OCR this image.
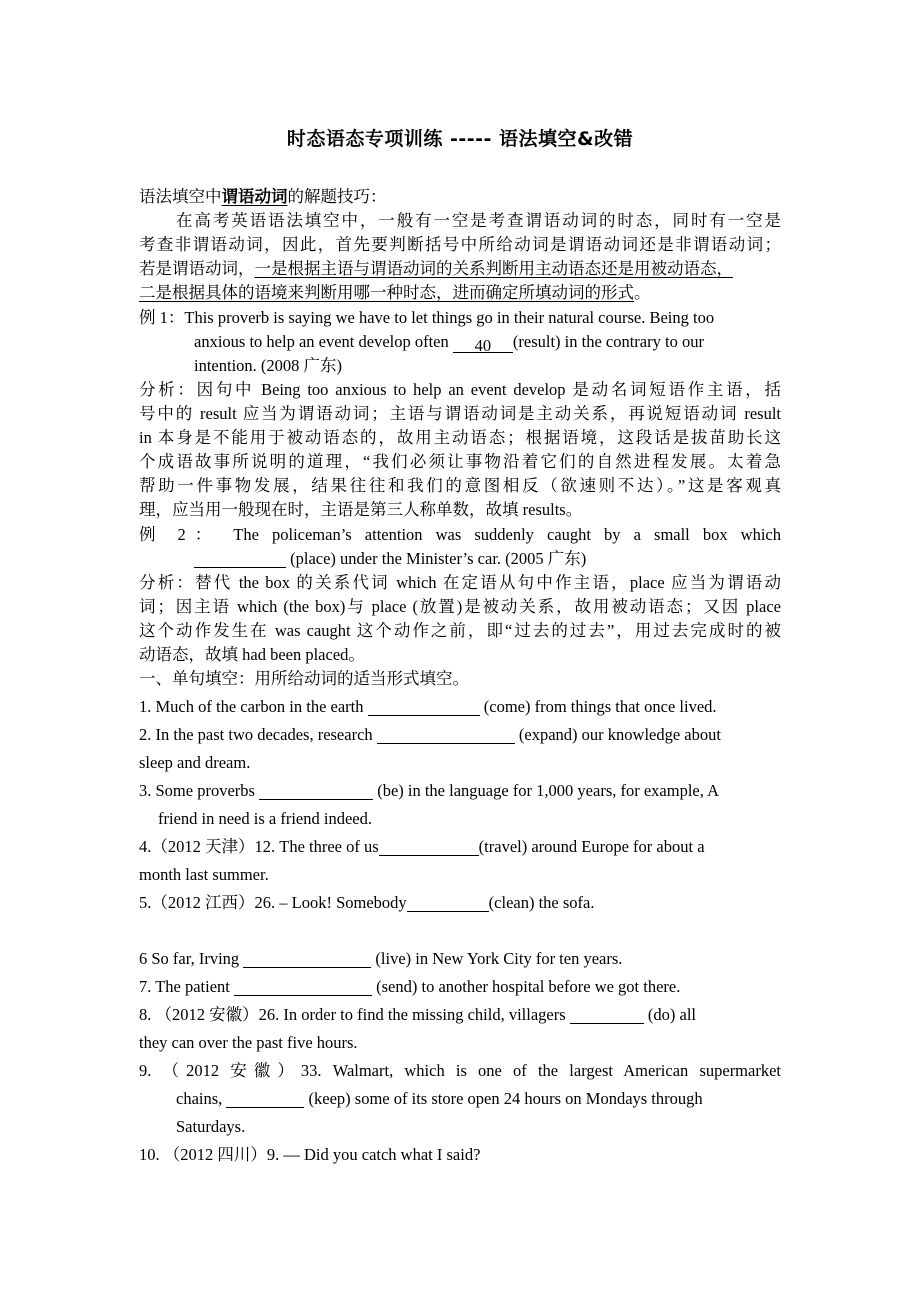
时态语态专项训练 ----- 语法填空&改错
语法填空中谓语动词的解题技巧：
在高考英语语法填空中，一般有一空是考查谓语动词的时态，同时有一空是
考查非谓语动词，因此，首先要判断括号中所给动词是谓语动词还是非谓语动词；
若是谓语动词，一是根据主语与谓语动词的关系判断用主动语态还是用被动语态，
二是根据具体的语境来判断用哪一种时态，进而确定所填动词的形式。
例 1：This proverb is saying we have to let things go in their natural course. Being too
anxious to help an event develop often 40 (result) in the contrary to our
intention. (2008 广东)
分析：因句中 Being too anxious to help an event develop 是动名词短语作主语，括
号中的 result 应当为谓语动词；主语与谓语动词是主动关系，再说短语动词 result
in 本身是不能用于被动语态的，故用主动语态；根据语境，这段话是拔苗助长这
个成语故事所说明的道理，“我们必须让事物沿着它们的自然进程发展。太着急
帮助一件事物发展，结果往往和我们的意图相反（欲速则不达）。”这是客观真
理，应当用一般现在时，主语是第三人称单数，故填 results。
例 2： The policeman’s attention was suddenly caught by a small box which
(place) under the Minister’s car. (2005 广东)
分析：替代 the box 的关系代词 which 在定语从句中作主语，place 应当为谓语动
词；因主语 which (the box)与 place (放置)是被动关系，故用被动语态；又因 place
这个动作发生在 was caught 这个动作之前，即“过去的过去”，用过去完成时的被
动语态，故填 had been placed。
一、单句填空：用所给动词的适当形式填空。
1. Much of the carbon in the earth	(come) from things that once lived.
2. In the past two decades, research	(expand) our knowledge about
sleep and dream.
3. Some proverbs	(be) in the language for 1,000 years, for example, A
friend in need is a friend indeed.
4.（2012 天津）12. The three of us	(travel) around Europe for about a
month last summer.
5.（2012 江西）26. – Look! Somebody	(clean) the sofa.
6 So far, Irving	(live) in New York City for ten years.
7. The patient	(send) to another hospital before we got there.
8. （2012 安徽）26. In order to find the missing child, villagers	(do) all
they can over the past five hours.
9. （2012 安徽）33. Walmart, which is one of the largest American supermarket
chains,	(keep) some of its store open 24 hours on Mondays through
Saturdays.
10. （2012 四川）9. — Did you catch what I said?
